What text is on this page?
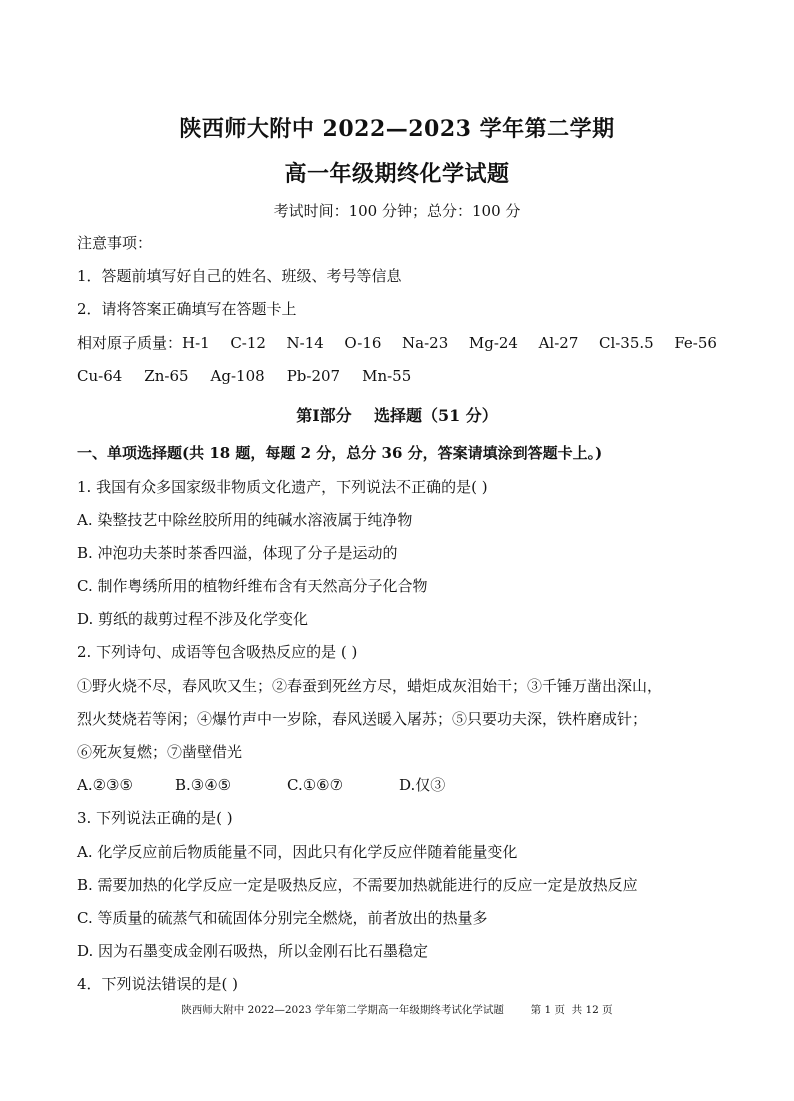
陕西师大附中 2022—2023 学年第二学期
高一年级期终化学试题
考试时间：100 分钟；总分：100 分
注意事项：
1．答题前填写好自己的姓名、班级、考号等信息
2．请将答案正确填写在答题卡上
相对原子质量：H-1 C-12 N-14 O-16 Na-23 Mg-24 Al-27 Cl-35.5 Fe-56
Cu-64 Zn-65 Ag-108 Pb-207 Mn-55
第Ⅰ部分    选择题（51 分）
一、单项选择题(共 18 题，每题 2 分，总分 36 分，答案请填涂到答题卡上。)
1. 我国有众多国家级非物质文化遗产，下列说法不正确的是( )
A. 染整技艺中除丝胶所用的纯碱水溶液属于纯净物
B. 冲泡功夫茶时茶香四溢，体现了分子是运动的
C. 制作粤绣所用的植物纤维布含有天然高分子化合物
D. 剪纸的裁剪过程不涉及化学变化
2. 下列诗句、成语等包含吸热反应的是 ( )
①野火烧不尽，春风吹又生；②春蚕到死丝方尽，蜡炬成灰泪始干；③千锤万凿出深山，
烈火焚烧若等闲；④爆竹声中一岁除，春风送暖入屠苏；⑤只要功夫深，铁杵磨成针；
⑥死灰复燃；⑦凿壁借光
A.②③⑤	B.③④⑤	C.①⑥⑦	D.仅③
3. 下列说法正确的是( )
A. 化学反应前后物质能量不同，因此只有化学反应伴随着能量变化
B. 需要加热的化学反应一定是吸热反应，不需要加热就能进行的反应一定是放热反应
C. 等质量的硫蒸气和硫固体分别完全燃烧，前者放出的热量多
D. 因为石墨变成金刚石吸热，所以金刚石比石墨稳定
4．下列说法错误的是( )
陕西师大附中 2022—2023 学年第二学期高一年级期终考试化学试题        第 1 页  共 12 页
